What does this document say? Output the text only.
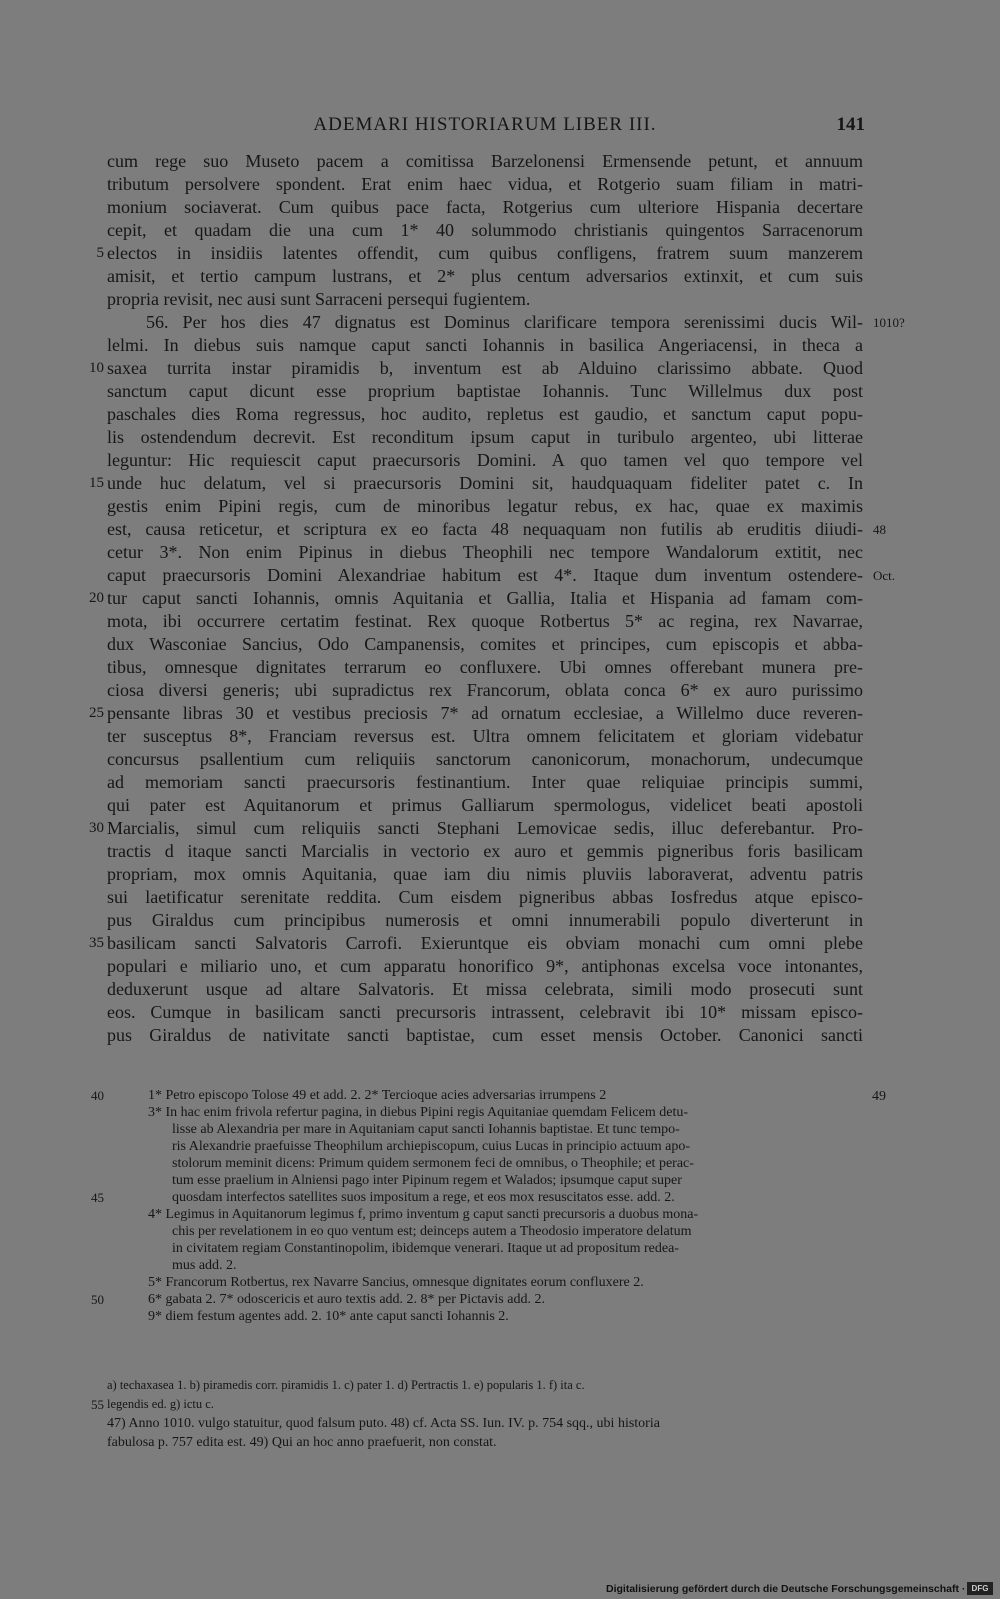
ADEMARI HISTORIARUM LIBER III.	141
cum rege suo Museto pacem a comitissa Barzelonensi Ermensende petunt, et annuum
tributum persolvere spondent. Erat enim haec vidua, et Rotgerio suam filiam in matri-
monium sociaverat. Cum quibus pace facta, Rotgerius cum ulteriore Hispania decertare
cepit, et quadam die una cum 1* 40 solummodo christianis quingentos Sarracenorum
electos in insidiis latentes offendit, cum quibus confligens, fratrem suum manzerem
amisit, et tertio campum lustrans, et 2* plus centum adversarios extinxit, et cum suis
propria revisit, nec ausi sunt Sarraceni persequi fugientem.
56. Per hos dies 47 dignatus est Dominus clarificare tempora serenissimi ducis Wil-
lelmi. In diebus suis namque caput sancti Iohannis in basilica Angeriacensi, in theca a
saxea turrita instar piramidis b, inventum est ab Alduino clarissimo abbate. Quod
sanctum caput dicunt esse proprium baptistae Iohannis. Tunc Willelmus dux post
paschales dies Roma regressus, hoc audito, repletus est gaudio, et sanctum caput popu-
lis ostendendum decrevit. Est reconditum ipsum caput in turibulo argenteo, ubi litterae
leguntur: Hic requiescit caput praecursoris Domini. A quo tamen vel quo tempore vel
unde huc delatum, vel si praecursoris Domini sit, haudquaquam fideliter patet c. In
gestis enim Pipini regis, cum de minoribus legatur rebus, ex hac, quae ex maximis
est, causa reticetur, et scriptura ex eo facta 48 nequaquam non futilis ab eruditis diiudi-
cetur 3*. Non enim Pipinus in diebus Theophili nec tempore Wandalorum extitit, nec
caput praecursoris Domini Alexandriae habitum est 4*. Itaque dum inventum ostendere-
tur caput sancti Iohannis, omnis Aquitania et Gallia, Italia et Hispania ad famam com-
mota, ibi occurrere certatim festinat. Rex quoque Rotbertus 5* ac regina, rex Navarrae,
dux Wasconiae Sancius, Odo Campanensis, comites et principes, cum episcopis et abba-
tibus, omnesque dignitates terrarum eo confluxere. Ubi omnes offerebant munera pre-
ciosa diversi generis; ubi supradictus rex Francorum, oblata conca 6* ex auro purissimo
pensante libras 30 et vestibus preciosis 7* ad ornatum ecclesiae, a Willelmo duce reveren-
ter susceptus 8*, Franciam reversus est. Ultra omnem felicitatem et gloriam videbatur
concursus psallentium cum reliquiis sanctorum canonicorum, monachorum, undecumque
ad memoriam sancti praecursoris festinantium. Inter quae reliquiae principis summi,
qui pater est Aquitanorum et primus Galliarum spermologus, videlicet beati apostoli
Marcialis, simul cum reliquiis sancti Stephani Lemovicae sedis, illuc deferebantur. Pro-
tractis d itaque sancti Marcialis in vectorio ex auro et gemmis pigneribus foris basilicam
propriam, mox omnis Aquitania, quae iam diu nimis pluviis laboraverat, adventu patris
sui laetificatur serenitate reddita. Cum eisdem pigneribus abbas Iosfredus atque episco-
pus Giraldus cum principibus numerosis et omni innumerabili populo diverterunt in
basilicam sancti Salvatoris Carrofi. Exieruntque eis obviam monachi cum omni plebe
populari e miliario uno, et cum apparatu honorifico 9*, antiphonas excelsa voce intonantes,
deduxerunt usque ad altare Salvatoris. Et missa celebrata, simili modo prosecuti sunt
eos. Cumque in basilicam sancti precursoris intrassent, celebravit ibi 10* missam episco-
pus Giraldus de nativitate sancti baptistae, cum esset mensis October. Canonici sancti
5
10
15
20
25
30
35
1010?
48
Oct.
40
45
50
55
49
1* Petro episcopo Tolose 49 et add. 2. 2* Tercioque acies adversarias irrumpens 2
3* In hac enim frivola refertur pagina, in diebus Pipini regis Aquitaniae quemdam Felicem detu-
lisse ab Alexandria per mare in Aquitaniam caput sancti Iohannis baptistae. Et tunc tempo-
ris Alexandrie praefuisse Theophilum archiepiscopum, cuius Lucas in principio actuum apo-
stolorum meminit dicens: Primum quidem sermonem feci de omnibus, o Theophile; et perac-
tum esse praelium in Alniensi pago inter Pipinum regem et Walados; ipsumque caput super
quosdam interfectos satellites suos impositum a rege, et eos mox resuscitatos esse. add. 2.
4* Legimus in Aquitanorum legimus f, primo inventum g caput sancti precursoris a duobus mona-
chis per revelationem in eo quo ventum est; deinceps autem a Theodosio imperatore delatum
in civitatem regiam Constantinopolim, ibidemque venerari. Itaque ut ad propositum redea-
mus add. 2.
5* Francorum Rotbertus, rex Navarre Sancius, omnesque dignitates eorum confluxere 2.
6* gabata 2. 7* odoscericis et auro textis add. 2. 8* per Pictavis add. 2.
9* diem festum agentes add. 2. 10* ante caput sancti Iohannis 2.
a) techaxasea 1. b) piramedis corr. piramidis 1. c) pater 1. d) Pertractis 1. e) popularis 1. f) ita c.
legendis ed. g) ictu c.
47) Anno 1010. vulgo statuitur, quod falsum puto. 48) cf. Acta SS. Iun. IV. p. 754 sqq., ubi historia
fabulosa p. 757 edita est. 49) Qui an hoc anno praefuerit, non constat.
Digitalisierung gefördert durch die Deutsche Forschungsgemeinschaft · DFG
